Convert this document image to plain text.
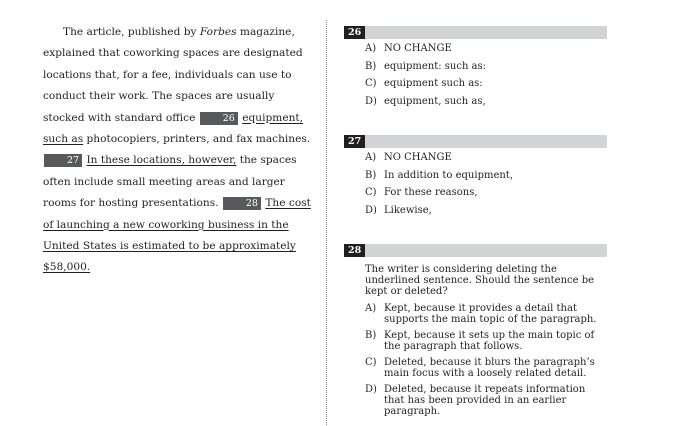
The article, published by Forbes magazine, explained that coworking spaces are designated locations that, for a fee, individuals can use to conduct their work. The spaces are usually stocked with standard office	26 equipment, such as photocopiers, printers, and fax machines. 27 In these locations, however, the spaces often include small meeting areas and larger rooms for hosting presentations.	28 The cost of launching a new coworking business in the United States is estimated to be approximately $58,000.

26
A) NO CHANGE
B) equipment: such as:
C) equipment such as:
D) equipment, such as,
27
A) NO CHANGE
B) In addition to equipment,
C) For these reasons,
D) Likewise,
28
The writer is considering deleting the underlined sentence. Should the sentence be kept or deleted?
A) Kept, because it provides a detail that supports the main topic of the paragraph.
B) Kept, because it sets up the main topic of the paragraph that follows.
C) Deleted, because it blurs the paragraph’s main focus with a loosely related detail.
D) Deleted, because it repeats information that has been provided in an earlier paragraph.
